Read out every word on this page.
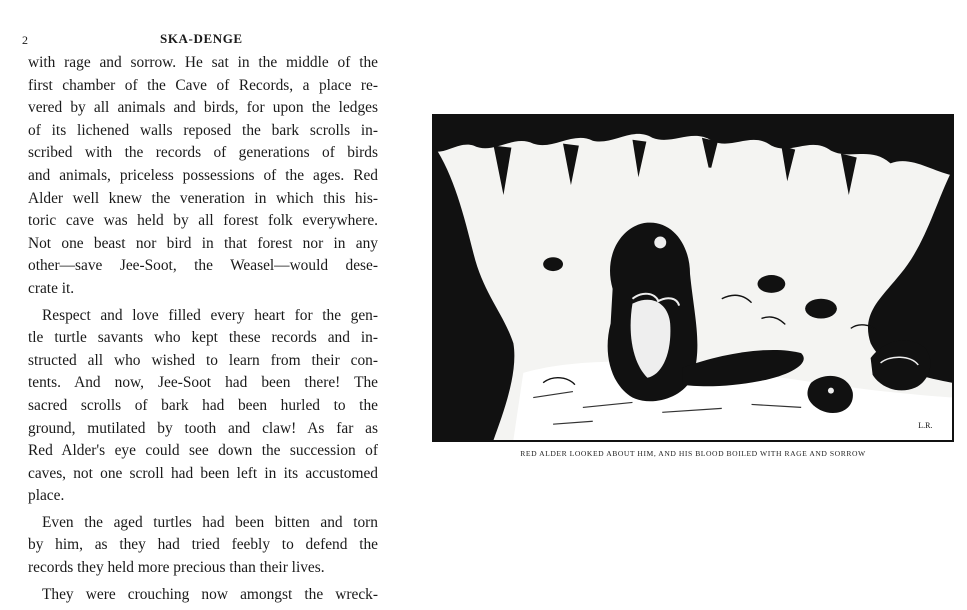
2	SKA-DENGE

with rage and sorrow. He sat in the middle of the
first chamber of the Cave of Records, a place re-
vered by all animals and birds, for upon the ledges
of its lichened walls reposed the bark scrolls in-
scribed with the records of generations of birds
and animals, priceless possessions of the ages. Red
Alder well knew the veneration in which this his-
toric cave was held by all forest folk everywhere.
Not one beast nor bird in that forest nor in any
other—save Jee-Soot, the Weasel—would dese-
crate it.

Respect and love filled every heart for the gen-
tle turtle savants who kept these records and in-
structed all who wished to learn from their con-
tents. And now, Jee-Soot had been there! The
sacred scrolls of bark had been hurled to the
ground, mutilated by tooth and claw! As far as
Red Alder's eye could see down the succession of
caves, not one scroll had been left in its accustomed
place.

Even the aged turtles had been bitten and torn
by him, as they had tried feebly to defend the
records they held more precious than their lives.

They were crouching now amongst the wreck-

L.R.
RED ALDER LOOKED ABOUT HIM, AND HIS BLOOD BOILED WITH RAGE AND SORROW
